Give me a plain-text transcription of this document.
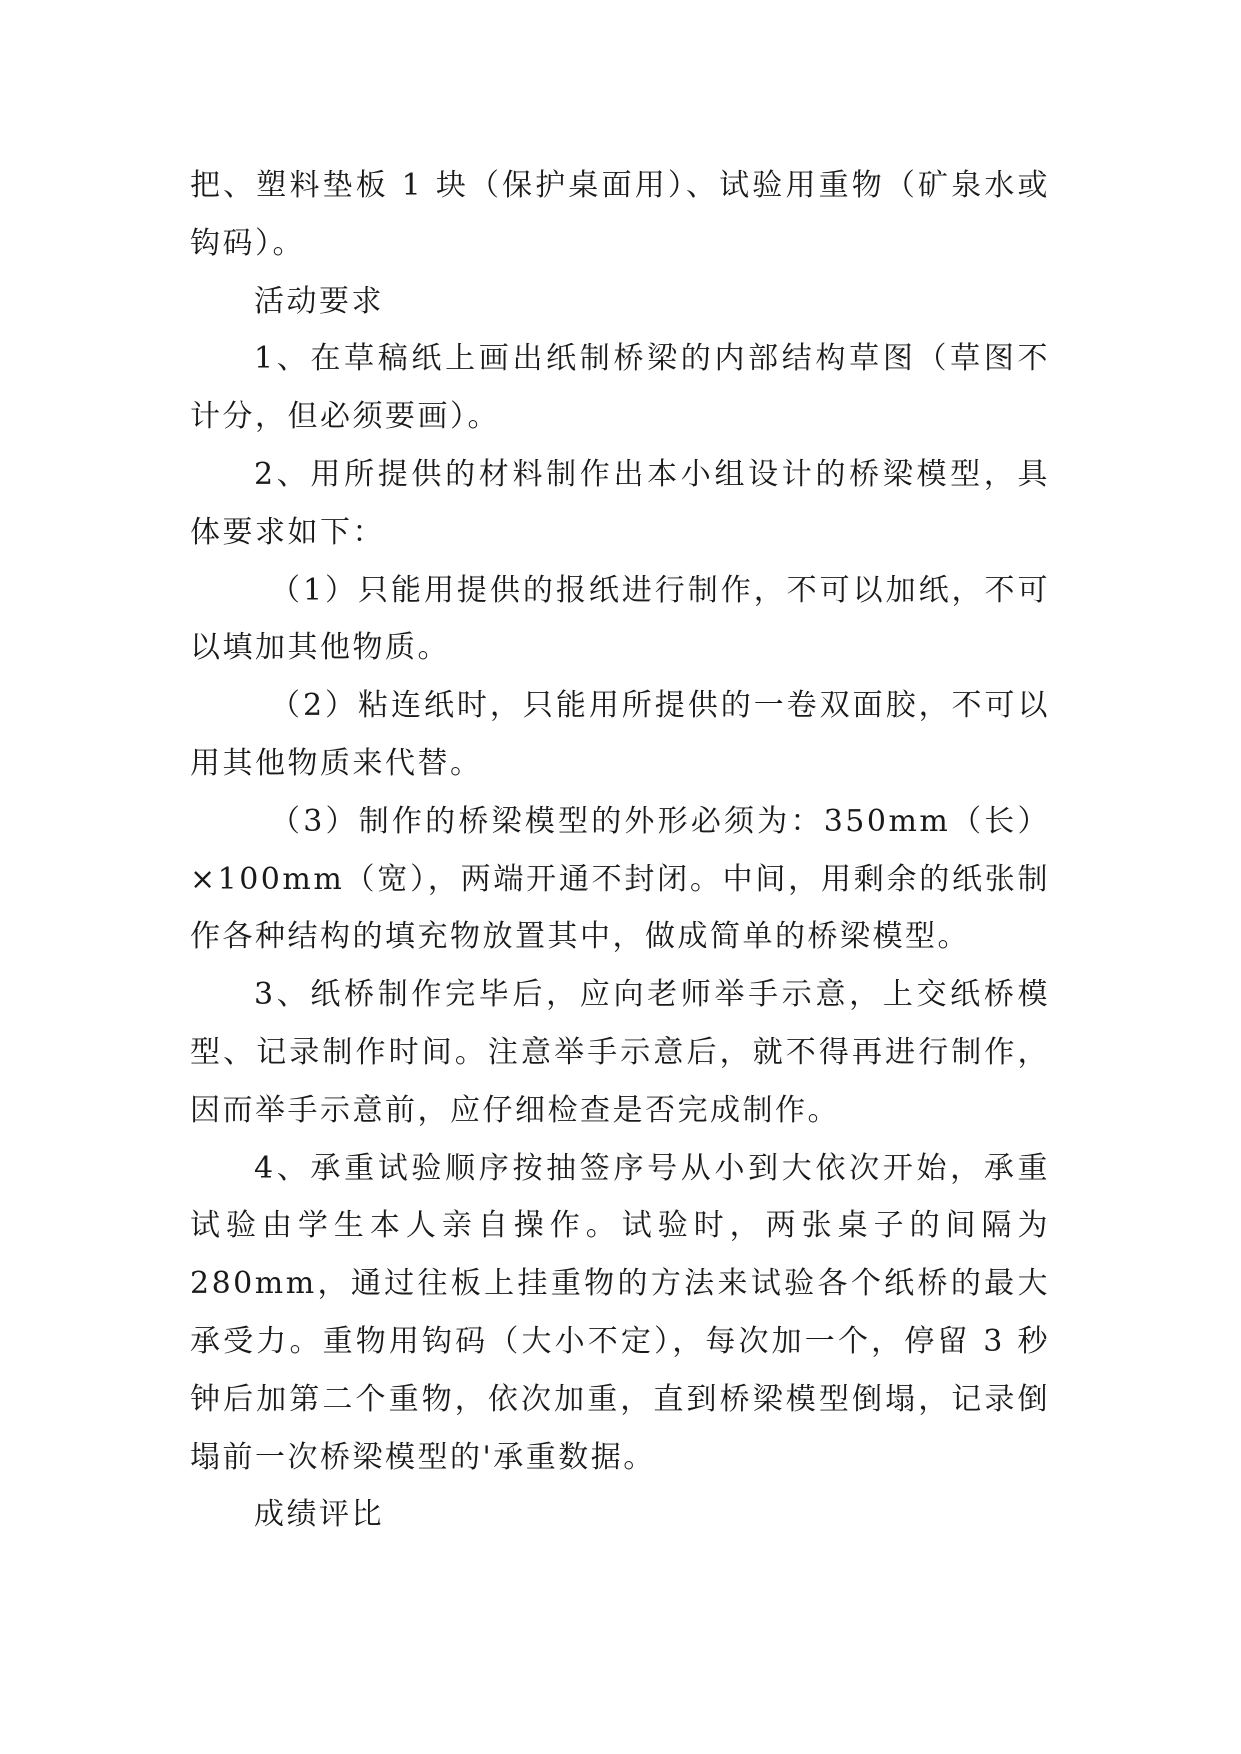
把、塑料垫板 1 块（保护桌面用）、试验用重物（矿泉水或钩码）。

活动要求

1、在草稿纸上画出纸制桥梁的内部结构草图（草图不计分，但必须要画）。

2、用所提供的材料制作出本小组设计的桥梁模型，具体要求如下：

（1）只能用提供的报纸进行制作，不可以加纸，不可以填加其他物质。

（2）粘连纸时，只能用所提供的一卷双面胶，不可以用其他物质来代替。

（3）制作的桥梁模型的外形必须为：350mm（长）×100mm（宽），两端开通不封闭。中间，用剩余的纸张制作各种结构的填充物放置其中，做成简单的桥梁模型。

3、纸桥制作完毕后，应向老师举手示意，上交纸桥模型、记录制作时间。注意举手示意后，就不得再进行制作，因而举手示意前，应仔细检查是否完成制作。

4、承重试验顺序按抽签序号从小到大依次开始，承重试验由学生本人亲自操作。试验时，两张桌子的间隔为280mm，通过往板上挂重物的方法来试验各个纸桥的最大承受力。重物用钩码（大小不定），每次加一个，停留 3 秒钟后加第二个重物，依次加重，直到桥梁模型倒塌，记录倒塌前一次桥梁模型的'承重数据。

成绩评比
